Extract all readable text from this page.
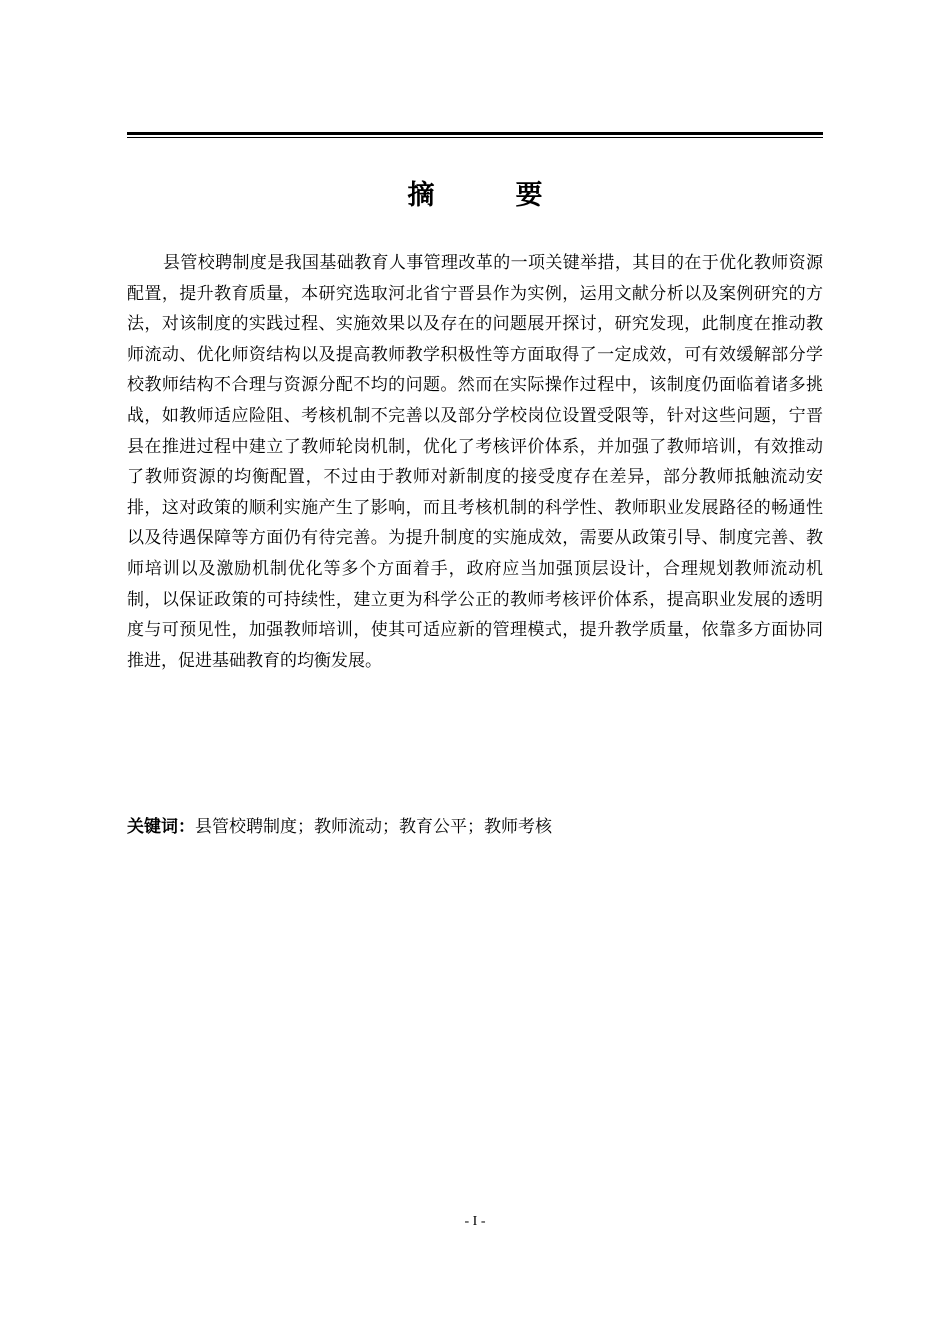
摘　要

县管校聘制度是我国基础教育人事管理改革的一项关键举措，其目的在于优化教师资源配置，提升教育质量，本研究选取河北省宁晋县作为实例，运用文献分析以及案例研究的方法，对该制度的实践过程、实施效果以及存在的问题展开探讨，研究发现，此制度在推动教师流动、优化师资结构以及提高教师教学积极性等方面取得了一定成效，可有效缓解部分学校教师结构不合理与资源分配不均的问题。然而在实际操作过程中，该制度仍面临着诸多挑战，如教师适应险阻、考核机制不完善以及部分学校岗位设置受限等，针对这些问题，宁晋县在推进过程中建立了教师轮岗机制，优化了考核评价体系，并加强了教师培训，有效推动了教师资源的均衡配置，不过由于教师对新制度的接受度存在差异，部分教师抵触流动安排，这对政策的顺利实施产生了影响，而且考核机制的科学性、教师职业发展路径的畅通性以及待遇保障等方面仍有待完善。为提升制度的实施成效，需要从政策引导、制度完善、教师培训以及激励机制优化等多个方面着手，政府应当加强顶层设计，合理规划教师流动机制，以保证政策的可持续性，建立更为科学公正的教师考核评价体系，提高职业发展的透明度与可预见性，加强教师培训，使其可适应新的管理模式，提升教学质量，依靠多方面协同推进，促进基础教育的均衡发展。

关键词：县管校聘制度；教师流动；教育公平；教师考核

- I -
